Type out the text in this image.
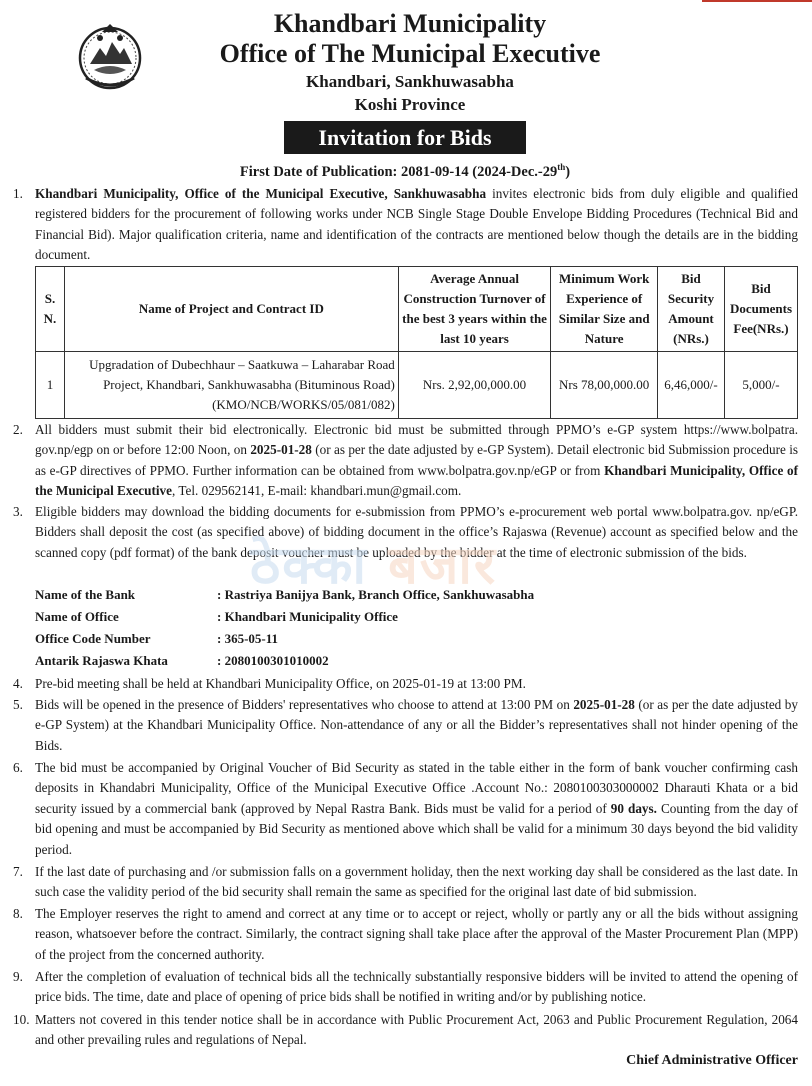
Khandbari Municipality
Office of The Municipal Executive
Khandbari, Sankhuwasabha
Koshi Province
Invitation for Bids
First Date of Publication: 2081-09-14 (2024-Dec.-29th)
1. Khandbari Municipality, Office of the Municipal Executive, Sankhuwasabha invites electronic bids from duly eligible and qualified registered bidders for the procurement of following works under NCB Single Stage Double Envelope Bidding Procedures (Technical Bid and Financial Bid). Major qualification criteria, name and identification of the contracts are mentioned below though the details are in the bidding document.
S. N.	Name of Project and Contract ID	Average Annual Construction Turnover of the best 3 years within the last 10 years	Minimum Work Experience of Similar Size and Nature	Bid Security Amount (NRs.)	Bid Documents Fee(NRs.)
1	Upgradation of Dubechhaur – Saatkuwa – Laharabar Road Project, Khandbari, Sankhuwasabha (Bituminous Road) (KMO/NCB/WORKS/05/081/082)	Nrs. 2,92,00,000.00	Nrs 78,00,000.00	6,46,000/-	5,000/-
2. All bidders must submit their bid electronically. Electronic bid must be submitted through PPMO’s e-GP system https://www.bolpatra. gov.np/egp on or before 12:00 Noon, on 2025-01-28 (or as per the date adjusted by e-GP System). Detail electronic bid Submission procedure is as e-GP directives of PPMO. Further information can be obtained from www.bolpatra.gov.np/eGP or from Khandbari Municipality, Office of the Municipal Executive, Tel. 029562141, E-mail: khandbari.mun@gmail.com.
3. Eligible bidders may download the bidding documents for e-submission from PPMO’s e-procurement web portal www.bolpatra.gov. np/eGP. Bidders shall deposit the cost (as specified above) of bidding document in the office’s Rajaswa (Revenue) account as specified below and the scanned copy (pdf format) of the bank deposit voucher must be uploaded by the bidder at the time of electronic submission of the bids.
ठेक्का बजार
Name of the Bank	: Rastriya Banijya Bank, Branch Office, Sankhuwasabha
Name of Office	: Khandbari Municipality Office
Office Code Number	: 365-05-11
Antarik Rajaswa Khata	: 2080100301010002
4. Pre-bid meeting shall be held at Khandbari Municipality Office, on 2025-01-19 at 13:00 PM.
5. Bids will be opened in the presence of Bidders' representatives who choose to attend at 13:00 PM on 2025-01-28 (or as per the date adjusted by e-GP System) at the Khandbari Municipality Office. Non-attendance of any or all the Bidder’s representatives shall not hinder opening of the Bids.
6. The bid must be accompanied by Original Voucher of Bid Security as stated in the table either in the form of bank voucher confirming cash deposits in Khandabri Municipality, Office of the Municipal Executive Office .Account No.: 2080100303000002 Dharauti Khata or a bid security issued by a commercial bank (approved by Nepal Rastra Bank. Bids must be valid for a period of 90 days. Counting from the day of bid opening and must be accompanied by Bid Security as mentioned above which shall be valid for a minimum 30 days beyond the bid validity period.
7. If the last date of purchasing and /or submission falls on a government holiday, then the next working day shall be considered as the last date. In such case the validity period of the bid security shall remain the same as specified for the original last date of bid submission.
8. The Employer reserves the right to amend and correct at any time or to accept or reject, wholly or partly any or all the bids without assigning reason, whatsoever before the contract. Similarly, the contract signing shall take place after the approval of the Master Procurement Plan (MPP) of the project from the concerned authority.
9. After the completion of evaluation of technical bids all the technically substantially responsive bidders will be invited to attend the opening of price bids. The time, date and place of opening of price bids shall be notified in writing and/or by publishing notice.
10. Matters not covered in this tender notice shall be in accordance with Public Procurement Act, 2063 and Public Procurement Regulation, 2064 and other prevailing rules and regulations of Nepal.
Chief Administrative Officer
